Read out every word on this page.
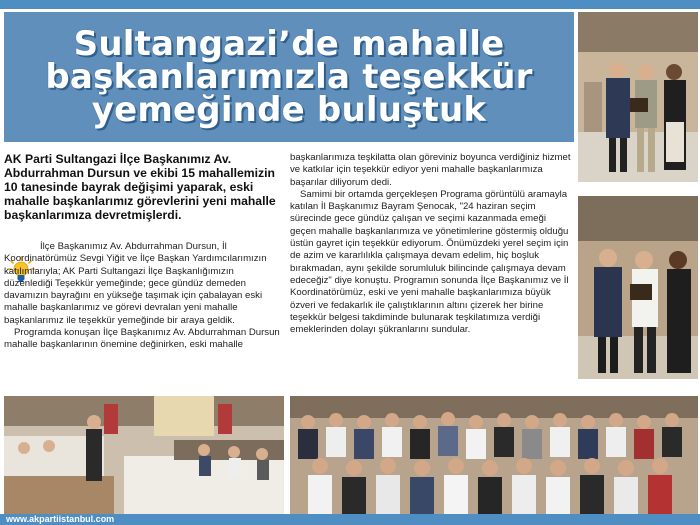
Sultangazi’de mahalle
başkanlarımızla teşekkür
yemeğinde buluştuk

AK Parti Sultangazi İlçe Başkanımız Av. Abdurrahman Dursun ve ekibi 15 mahallemizin 10 tanesinde bayrak değişimi yaparak, eski mahalle başkanlarımız görevlerini yeni mahalle başkanlarımıza devretmişlerdi.

İlçe Başkanımız Av. Abdurrahman Dursun, İl Koordinatörümüz Sevgi Yiğit ve İlçe Başkan Yardımcılarımızın katılımlarıyla; AK Parti Sultangazi İlçe Başkanlığımızın düzenlediği Teşekkür yemeğinde; gece gündüz demeden davamızın bayrağını en yükseğe taşımak için çabalayan eski mahalle başkanlarımız ve görevi devralan yeni mahalle başkanlarımız ile teşekkür yemeğinde bir araya geldik.

Programda konuşan İlçe Başkanımız Av. Abdurrahman Dursun mahalle başkanlarının önemine değinirken, eski mahalle

başkanlarımıza teşkilatta olan göreviniz boyunca verdiğiniz hizmet ve katkılar için teşekkür ediyor yeni mahalle başkanlarımıza başarılar diliyorum dedi.

Samimi bir ortamda gerçekleşen Programa görüntülü aramayla katılan İl Başkanımız Bayram Şenocak, "24 haziran seçim sürecinde gece gündüz çalışan ve seçimi kazanmada emeği geçen mahalle başkanlarımıza ve yönetimlerine göstermiş olduğu üstün gayret için teşekkür ediyorum. Önümüzdeki yerel seçim için de azim ve kararlılıkla çalışmaya devam edelim, hiç boşluk bırakmadan, aynı şekilde sorumluluk bilincinde çalışmaya devam edeceğiz" diye konuştu. Programın sonunda İlçe Başkanımız ve İl Koordinatörümüz, eski ve yeni mahalle başkanlarımıza büyük özveri ve fedakarlık ile çalıştıklarının altını çizerek her birine teşekkür belgesi takdiminde bulunarak teşkilatımıza verdiği emeklerinden dolayı şükranlarını sundular.

www.akpartiistanbul.com
